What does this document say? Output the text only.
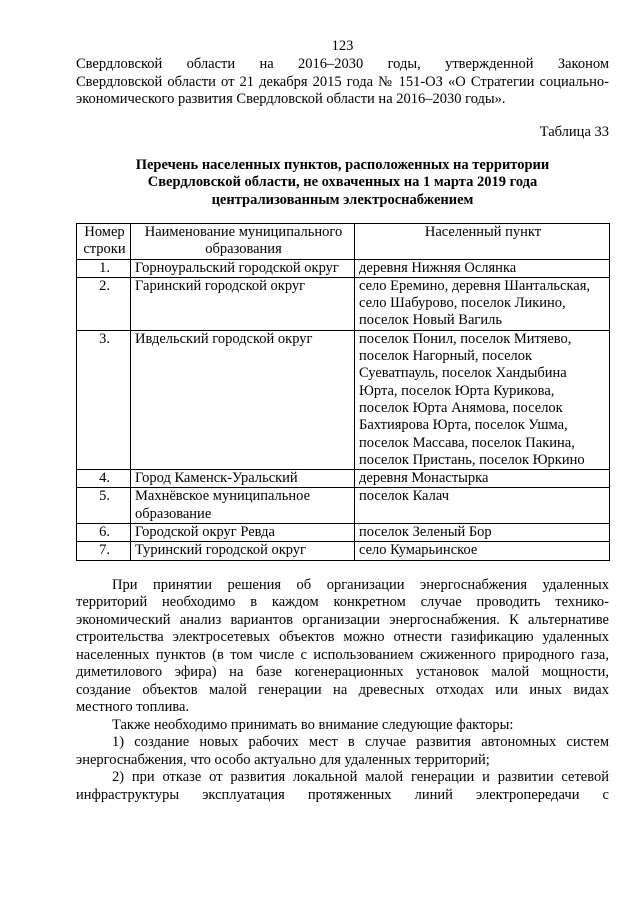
123
Свердловской области на 2016–2030 годы, утвержденной Законом
Свердловской области от 21 декабря 2015 года № 151-ОЗ «О Стратегии социально-
экономического развития Свердловской области на 2016–2030 годы».
Таблица 33
Перечень населенных пунктов, расположенных на территории
Свердловской области, не охваченных на 1 марта 2019 года
централизованным электроснабжением
Номер строки	Наименование муниципального образования	Населенный пункт
1.	Горноуральский городской округ	деревня Нижняя Ослянка
2.	Гаринский городской округ	село Еремино, деревня Шантальская, село Шабурово, поселок Ликино, поселок Новый Вагиль
3.	Ивдельский городской округ	поселок Понил, поселок Митяево, поселок Нагорный, поселок Суеватпауль, поселок Хандыбина Юрта, поселок Юрта Курикова, поселок Юрта Анямова, поселок Бахтиярова Юрта, поселок Ушма, поселок Массава, поселок Пакина, поселок Пристань, поселок Юркино
4.	Город Каменск-Уральский	деревня Монастырка
5.	Махнёвское муниципальное образование	поселок Калач
6.	Городской округ Ревда	поселок Зеленый Бор
7.	Туринский городской округ	село Кумарьинское
При принятии решения об организации энергоснабжения удаленных
территорий необходимо в каждом конкретном случае проводить технико-
экономический анализ вариантов организации энергоснабжения. К альтернативе
строительства электросетевых объектов можно отнести газификацию удаленных
населенных пунктов (в том числе с использованием сжиженного природного газа,
диметилового эфира) на базе когенерационных установок малой мощности,
создание объектов малой генерации на древесных отходах или иных видах
местного топлива.
Также необходимо принимать во внимание следующие факторы:
1) создание новых рабочих мест в случае развития автономных систем
энергоснабжения, что особо актуально для удаленных территорий;
2) при отказе от развития локальной малой генерации и развитии сетевой
инфраструктуры эксплуатация протяженных линий электропередачи с
